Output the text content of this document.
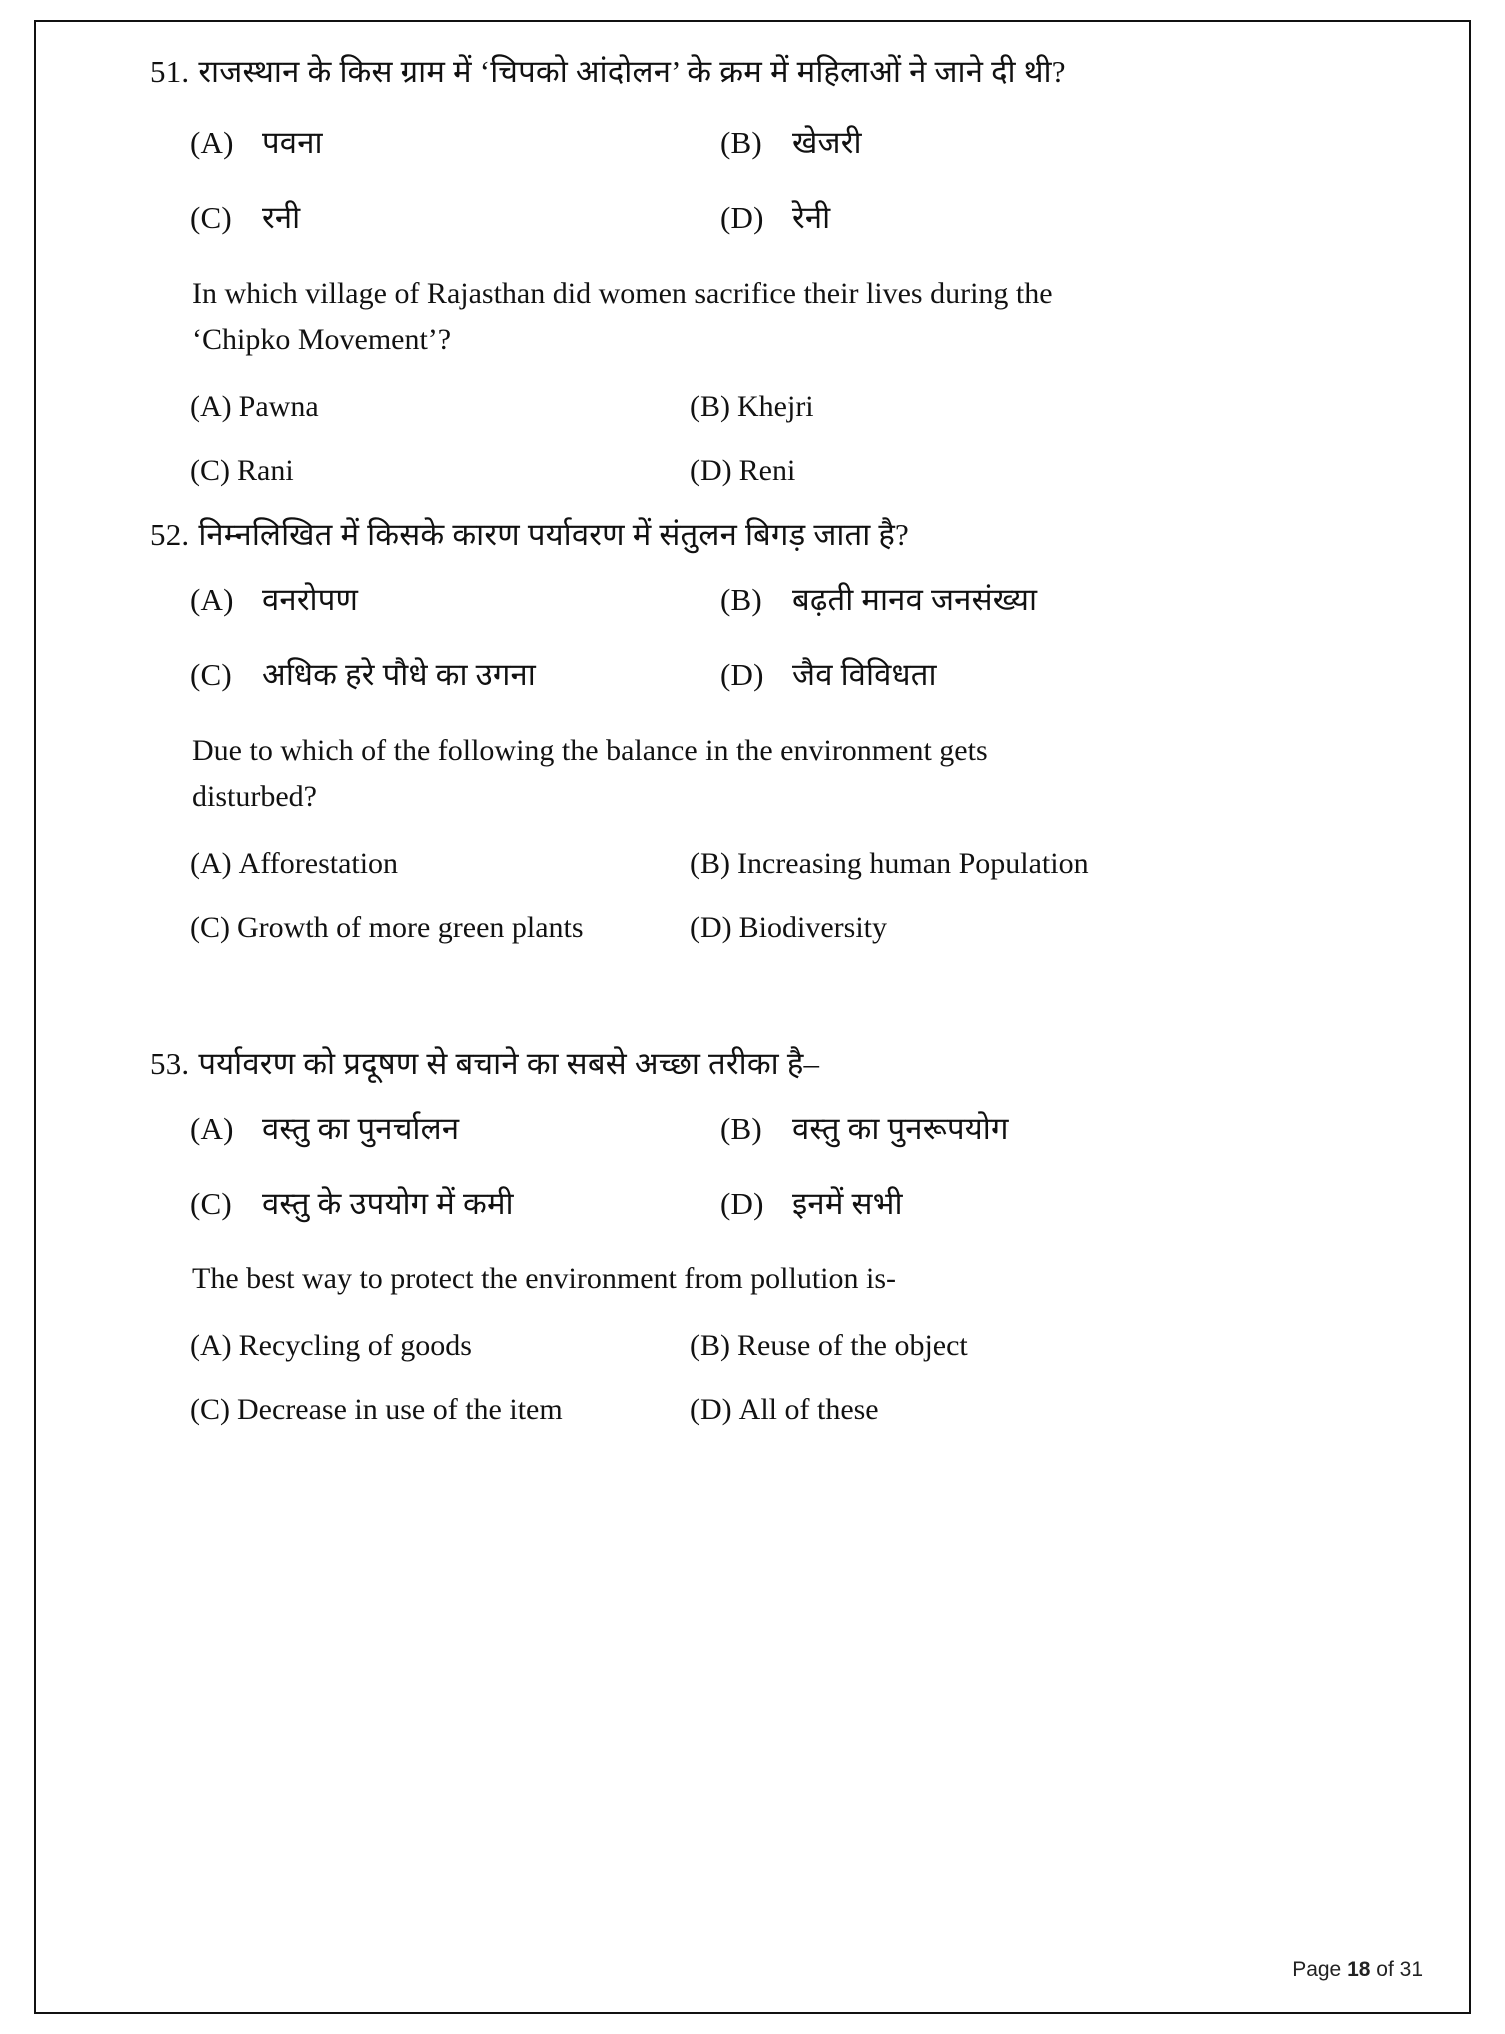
51. राजस्थान के किस ग्राम में ‘चिपको आंदोलन’ के क्रम में महिलाओं ने जाने दी थी?
(A) पवना	(B) खेजरी
(C) रनी	(D) रेनी
In which village of Rajasthan did women sacrifice their lives during the
‘Chipko Movement’?
(A) Pawna	(B) Khejri
(C) Rani	(D) Reni
52. निम्नलिखित में किसके कारण पर्यावरण में संतुलन बिगड़ जाता है?
(A) वनरोपण	(B) बढ़ती मानव जनसंख्या
(C) अधिक हरे पौधे का उगना	(D) जैव विविधता
Due to which of the following the balance in the environment gets
disturbed?
(A) Afforestation	(B) Increasing human Population
(C) Growth of more green plants	(D) Biodiversity
53. पर्यावरण को प्रदूषण से बचाने का सबसे अच्छा तरीका है–
(A) वस्तु का पुनर्चालन	(B) वस्तु का पुनरूपयोग
(C) वस्तु के उपयोग में कमी	(D) इनमें सभी
The best way to protect the environment from pollution is-
(A) Recycling of goods	(B) Reuse of the object
(C) Decrease in use of the item	(D) All of these
Page 18 of 31
